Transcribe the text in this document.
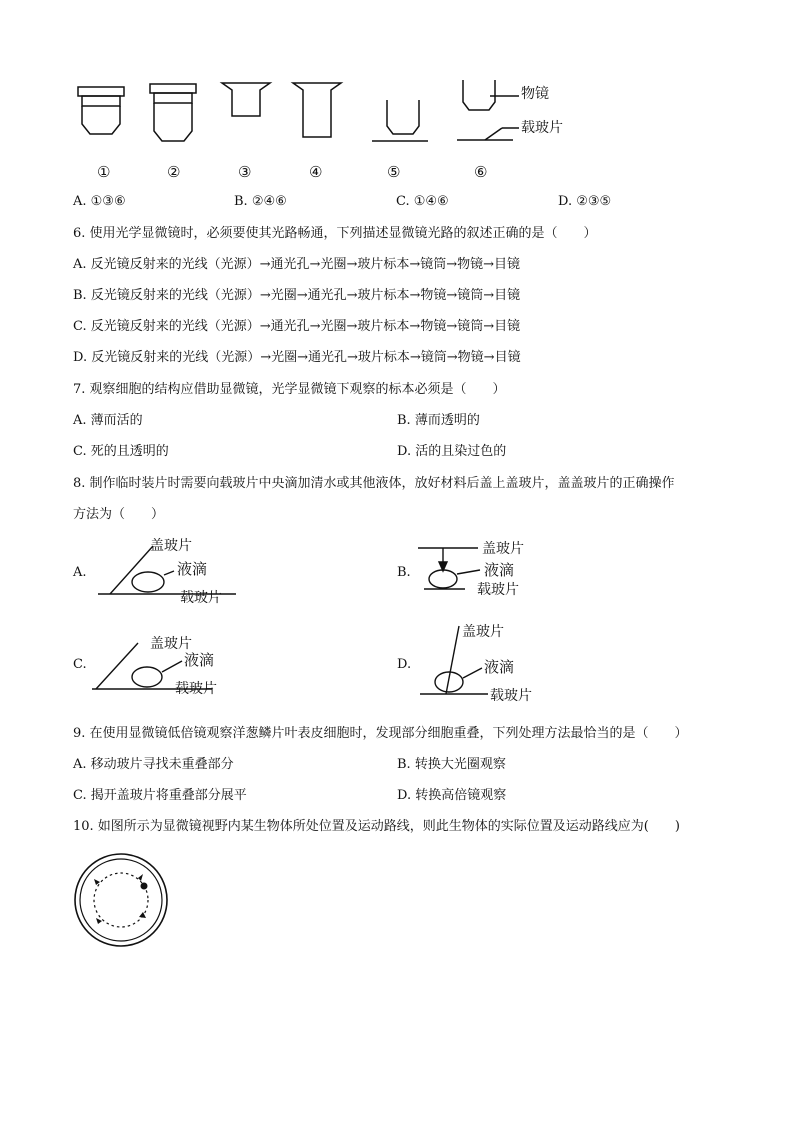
物镜
载玻片
①	②	③	④	⑤	⑥
A. ①③⑥	B. ②④⑥	C. ①④⑥	D. ②③⑤
6. 使用光学显微镜时，必须要使其光路畅通，下列描述显微镜光路的叙述正确的是（　　）
A. 反光镜反射来的光线（光源）→通光孔→光圈→玻片标本→镜筒→物镜→目镜
B. 反光镜反射来的光线（光源）→光圈→通光孔→玻片标本→物镜→镜筒→目镜
C. 反光镜反射来的光线（光源）→通光孔→光圈→玻片标本→物镜→镜筒→目镜
D. 反光镜反射来的光线（光源）→光圈→通光孔→玻片标本→镜筒→物镜→目镜
7. 观察细胞的结构应借助显微镜，光学显微镜下观察的标本必须是（　　）
A. 薄而活的	B. 薄而透明的
C. 死的且透明的	D. 活的且染过色的
8. 制作临时装片时需要向载玻片中央滴加清水或其他液体，放好材料后盖上盖玻片，盖盖玻片的正确操作
方法为（　　）
A.	B.
C.	D.
盖玻片
液滴
载玻片
盖玻片
液滴
载玻片
盖玻片
液滴
载玻片
盖玻片
液滴
载玻片
9. 在使用显微镜低倍镜观察洋葱鳞片叶表皮细胞时，发现部分细胞重叠，下列处理方法最恰当的是（　　）
A. 移动玻片寻找未重叠部分	B. 转换大光圈观察
C. 揭开盖玻片将重叠部分展平	D. 转换高倍镜观察
10. 如图所示为显微镜视野内某生物体所处位置及运动路线，则此生物体的实际位置及运动路线应为(　　)
